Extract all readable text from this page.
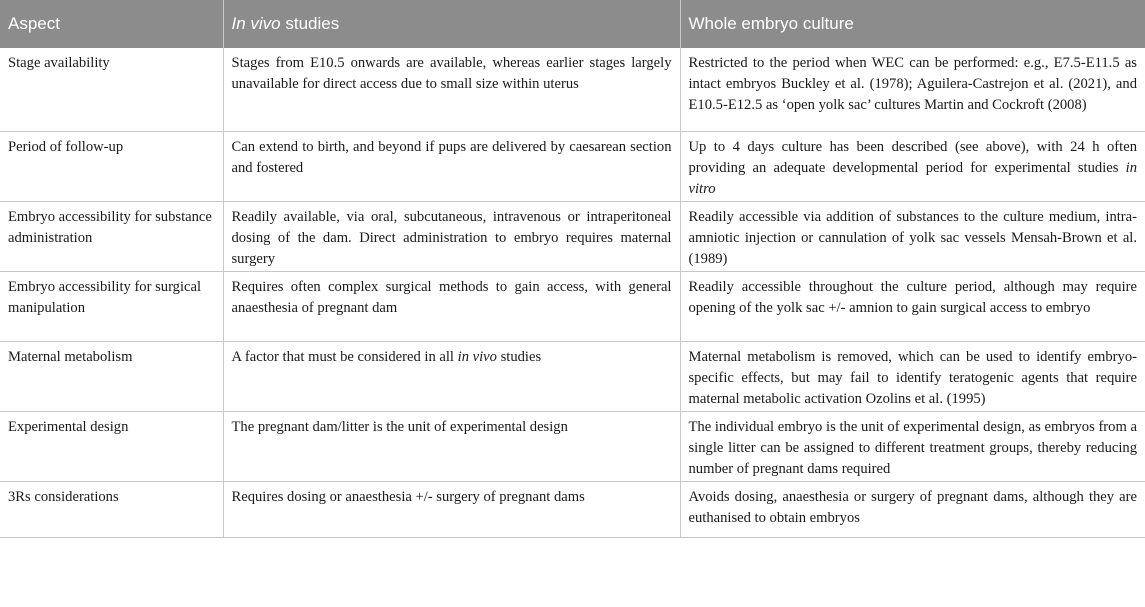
Aspect	In vivo studies	Whole embryo culture
Stage availability	Stages from E10.5 onwards are available, whereas earlier stages largely unavailable for direct access due to small size within uterus	Restricted to the period when WEC can be performed: e.g., E7.5-E11.5 as intact embryos Buckley et al. (1978); Aguilera-Castrejon et al. (2021), and E10.5-E12.5 as ‘open yolk sac’ cultures Martin and Cockroft (2008)
Period of follow-up	Can extend to birth, and beyond if pups are delivered by caesarean section and fostered	Up to 4 days culture has been described (see above), with 24 h often providing an adequate developmental period for experimental studies in vitro
Embryo accessibility for substance administration	Readily available, via oral, subcutaneous, intravenous or intraperitoneal dosing of the dam. Direct administration to embryo requires maternal surgery	Readily accessible via addition of substances to the culture medium, intra-amniotic injection or cannulation of yolk sac vessels Mensah-Brown et al. (1989)
Embryo accessibility for surgical manipulation	Requires often complex surgical methods to gain access, with general anaesthesia of pregnant dam	Readily accessible throughout the culture period, although may require opening of the yolk sac +/- amnion to gain surgical access to embryo
Maternal metabolism	A factor that must be considered in all in vivo studies	Maternal metabolism is removed, which can be used to identify embryo-specific effects, but may fail to identify teratogenic agents that require maternal metabolic activation Ozolins et al. (1995)
Experimental design	The pregnant dam/litter is the unit of experimental design	The individual embryo is the unit of experimental design, as embryos from a single litter can be assigned to different treatment groups, thereby reducing number of pregnant dams required
3Rs considerations	Requires dosing or anaesthesia +/- surgery of pregnant dams	Avoids dosing, anaesthesia or surgery of pregnant dams, although they are euthanised to obtain embryos
